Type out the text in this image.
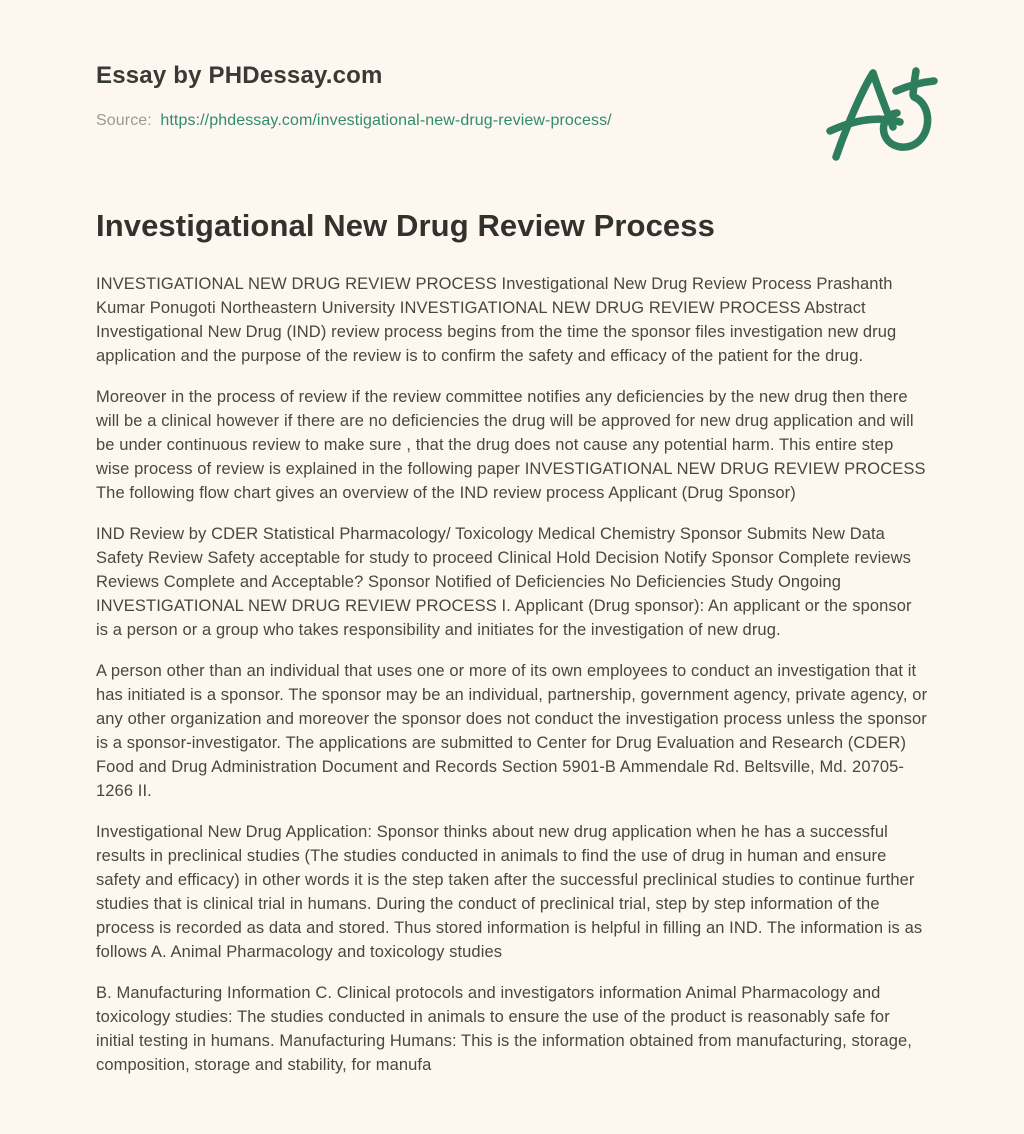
Essay by PHDessay.com

Source: https://phdessay.com/investigational-new-drug-review-process/

Investigational New Drug Review Process

INVESTIGATIONAL NEW DRUG REVIEW PROCESS Investigational New Drug Review Process Prashanth Kumar Ponugoti Northeastern University INVESTIGATIONAL NEW DRUG REVIEW PROCESS Abstract Investigational New Drug (IND) review process begins from the time the sponsor files investigation new drug application and the purpose of the review is to confirm the safety and efficacy of the patient for the drug.

Moreover in the process of review if the review committee notifies any deficiencies by the new drug then there will be a clinical however if there are no deficiencies the drug will be approved for new drug application and will be under continuous review to make sure , that the drug does not cause any potential harm. This entire step wise process of review is explained in the following paper INVESTIGATIONAL NEW DRUG REVIEW PROCESS The following flow chart gives an overview of the IND review process Applicant (Drug Sponsor)

IND Review by CDER Statistical Pharmacology/ Toxicology Medical Chemistry Sponsor Submits New Data Safety Review Safety acceptable for study to proceed Clinical Hold Decision Notify Sponsor Complete reviews Reviews Complete and Acceptable? Sponsor Notified of Deficiencies No Deficiencies Study Ongoing INVESTIGATIONAL NEW DRUG REVIEW PROCESS I. Applicant (Drug sponsor): An applicant or the sponsor is a person or a group who takes responsibility and initiates for the investigation of new drug.

A person other than an individual that uses one or more of its own employees to conduct an investigation that it has initiated is a sponsor. The sponsor may be an individual, partnership, government agency, private agency, or any other organization and moreover the sponsor does not conduct the investigation process unless the sponsor is a sponsor-investigator. The applications are submitted to Center for Drug Evaluation and Research (CDER) Food and Drug Administration Document and Records Section 5901-B Ammendale Rd. Beltsville, Md. 20705-1266 II.

Investigational New Drug Application: Sponsor thinks about new drug application when he has a successful results in preclinical studies (The studies conducted in animals to find the use of drug in human and ensure safety and efficacy) in other words it is the step taken after the successful preclinical studies to continue further studies that is clinical trial in humans. During the conduct of preclinical trial, step by step information of the process is recorded as data and stored. Thus stored information is helpful in filling an IND. The information is as follows A. Animal Pharmacology and toxicology studies

B. Manufacturing Information C. Clinical protocols and investigators information Animal Pharmacology and toxicology studies: The studies conducted in animals to ensure the use of the product is reasonably safe for initial testing in humans. Manufacturing Humans: This is the information obtained from manufacturing, storage, composition, storage and stability, for manufa
